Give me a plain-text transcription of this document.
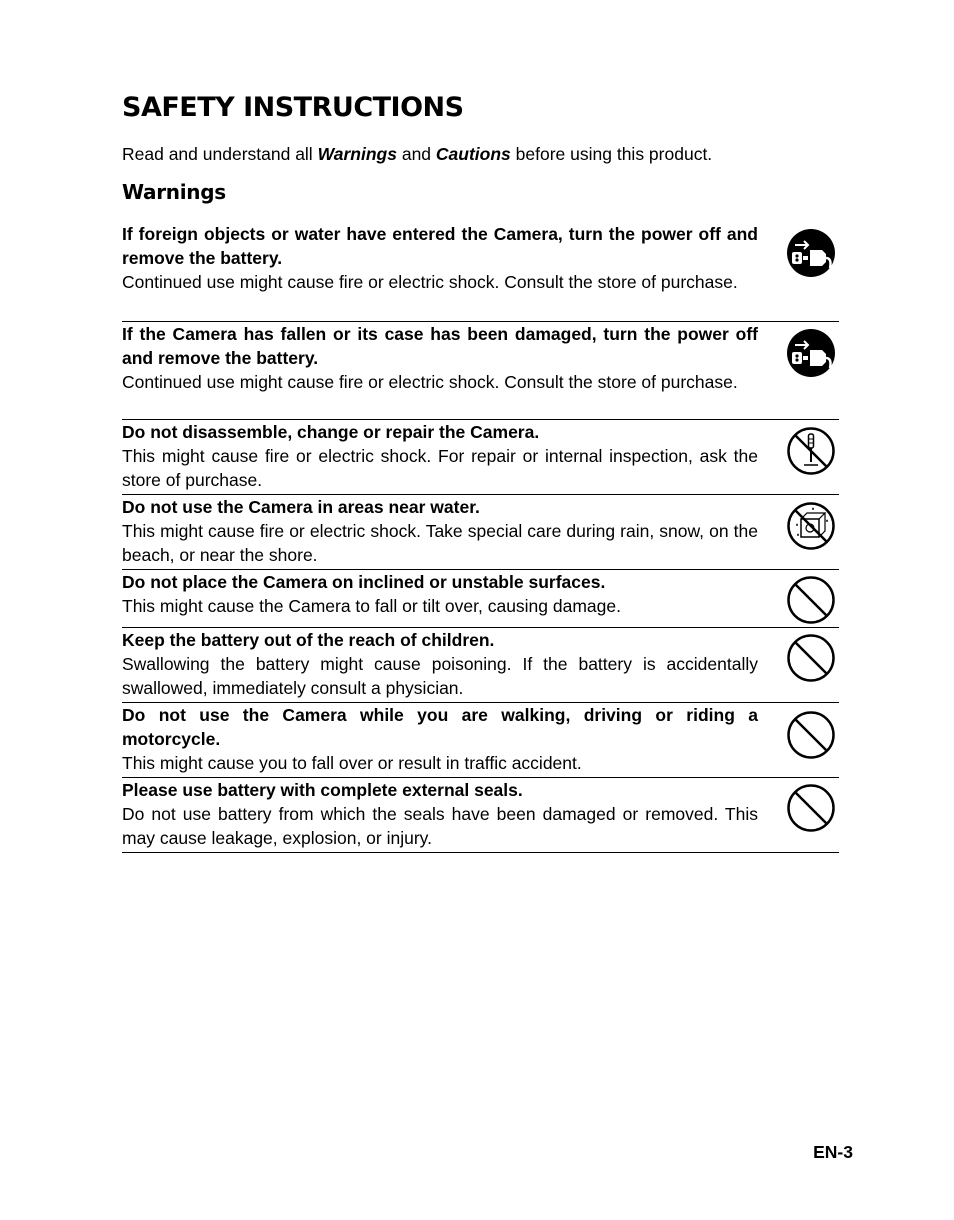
SAFETY INSTRUCTIONS

Read and understand all Warnings and Cautions before using this product.

Warnings
If foreign objects or water have entered the Camera, turn the power off and remove the battery.
Continued use might cause fire or electric shock. Consult the store of purchase.
If the Camera has fallen or its case has been damaged, turn the power off and remove the battery.
Continued use might cause fire or electric shock. Consult the store of purchase.
Do not disassemble, change or repair the Camera.
This might cause fire or electric shock. For repair or internal inspection, ask the store of purchase.
Do not use the Camera in areas near water.
This might cause fire or electric shock. Take special care during rain, snow, on the beach, or near the shore.
Do not place the Camera on inclined or unstable surfaces.
This might cause the Camera to fall or tilt over, causing damage.
Keep the battery out of the reach of children.
Swallowing the battery might cause poisoning. If the battery is accidentally swallowed, immediately consult a physician.
Do not use the Camera while you are walking, driving or riding a motorcycle.
This might cause you to fall over or result in traffic accident.
Please use battery with complete external seals.
Do not use battery from which the seals have been damaged or removed. This may cause leakage, explosion, or injury.
EN-3
